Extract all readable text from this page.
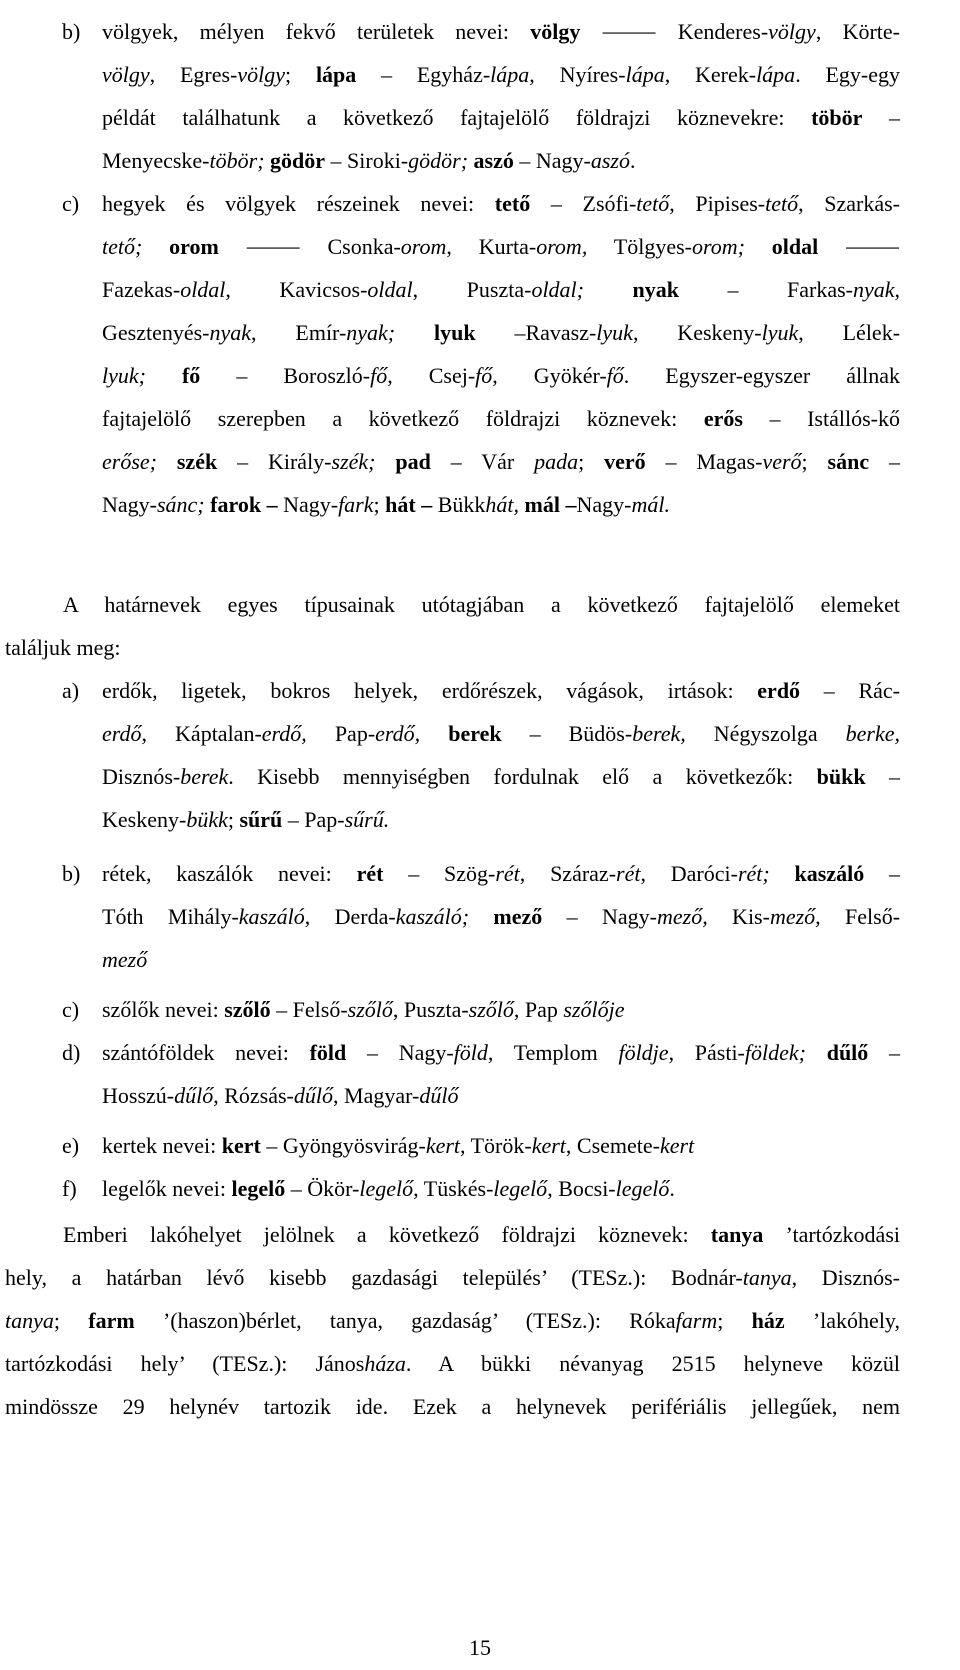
b) völgyek, mélyen fekvő területek nevei: völgy ⸻ Kenderes-völgy, Körte-
völgy, Egres-völgy; lápa – Egyház-lápa, Nyíres-lápa, Kerek-lápa. Egy-egy
példát találhatunk a következő fajtajelölő földrajzi köznevekre: töbör –
Menyecske-töbör; gödör – Siroki-gödör; aszó – Nagy-aszó.
c) hegyek és völgyek részeinek nevei: tető – Zsófi-tető, Pipises-tető, Szarkás-
tető; orom ⸻ Csonka-orom, Kurta-orom, Tölgyes-orom; oldal ⸻
Fazekas-oldal, Kavicsos-oldal, Puszta-oldal; nyak – Farkas-nyak,
Gesztenyés-nyak, Emír-nyak; lyuk –Ravasz-lyuk, Keskeny-lyuk, Lélek-
lyuk; fő – Boroszló-fő, Csej-fő, Gyökér-fő. Egyszer-egyszer állnak
fajtajelölő szerepben a következő földrajzi köznevek: erős – Istállós-kő
erőse; szék – Király-szék; pad – Vár pada; verő – Magas-verő; sánc –
Nagy-sánc; farok – Nagy-fark; hát – Bükkhát, mál –Nagy-mál.
A határnevek egyes típusainak utótagjában a következő fajtajelölő elemeket
találjuk meg:
a) erdők, ligetek, bokros helyek, erdőrészek, vágások, irtások: erdő – Rác-
erdő, Káptalan-erdő, Pap-erdő, berek – Büdös-berek, Négyszolga berke,
Disznós-berek. Kisebb mennyiségben fordulnak elő a következők: bükk –
Keskeny-bükk; sűrű – Pap-sűrű.
b) rétek, kaszálók nevei: rét – Szög-rét, Száraz-rét, Daróci-rét; kaszáló –
Tóth Mihály-kaszáló, Derda-kaszáló; mező – Nagy-mező, Kis-mező, Felső-
mező
c) szőlők nevei: szőlő – Felső-szőlő, Puszta-szőlő, Pap szőlője
d) szántóföldek nevei: föld – Nagy-föld, Templom földje, Pásti-földek; dűlő –
Hosszú-dűlő, Rózsás-dűlő, Magyar-dűlő
e) kertek nevei: kert – Gyöngyösvirág-kert, Török-kert, Csemete-kert
f) legelők nevei: legelő – Ökör-legelő, Tüskés-legelő, Bocsi-legelő.
Emberi lakóhelyet jelölnek a következő földrajzi köznevek: tanya ’tartózkodási
hely, a határban lévő kisebb gazdasági település’ (TESz.): Bodnár-tanya, Disznós-
tanya; farm ’(haszon)bérlet, tanya, gazdaság’ (TESz.): Rókafarm; ház ’lakóhely,
tartózkodási hely’ (TESz.): Jánosháza. A bükki névanyag 2515 helyneve közül
mindössze 29 helynév tartozik ide. Ezek a helynevek perifériális jellegűek, nem
15
